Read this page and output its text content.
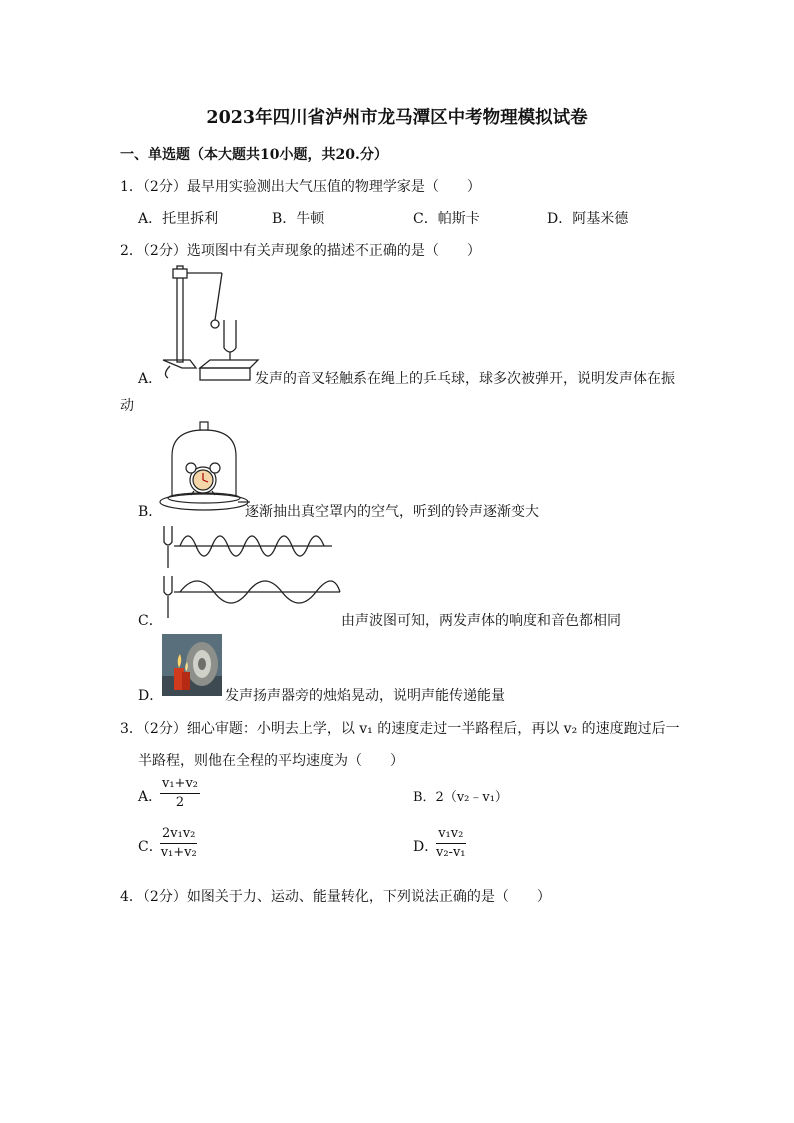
2023年四川省泸州市龙马潭区中考物理模拟试卷
一、单选题（本大题共10小题，共20.分）
1．（2分）最早用实验测出大气压值的物理学家是（　　）
A．托里拆利	B．牛顿	C．帕斯卡	D．阿基米德
2．（2分）选项图中有关声现象的描述不正确的是（　　）
A．	发声的音叉轻触系在绳上的乒乓球，球多次被弹开，说明发声体在振
动
B．	逐渐抽出真空罩内的空气，听到的铃声逐渐变大
C．	由声波图可知，两发声体的响度和音色都相同
D．	发声扬声器旁的烛焰晃动，说明声能传递能量
3．（2分）细心审题：小明去上学，以 v₁ 的速度走过一半路程后，再以 v₂ 的速度跑过后一
半路程，则他在全程的平均速度为（　　）
A．
$\frac{\text{v₁+v₂}}{2}$	B．2（v₂﹣v₁）
C．
$\frac{\text{2v₁v₂}}{\text{v₁+v₂}}$	D．
$\frac{\text{v₁v₂}}{\text{v₂-v₁}}$
4．（2分）如图关于力、运动、能量转化，下列说法正确的是（　　）
